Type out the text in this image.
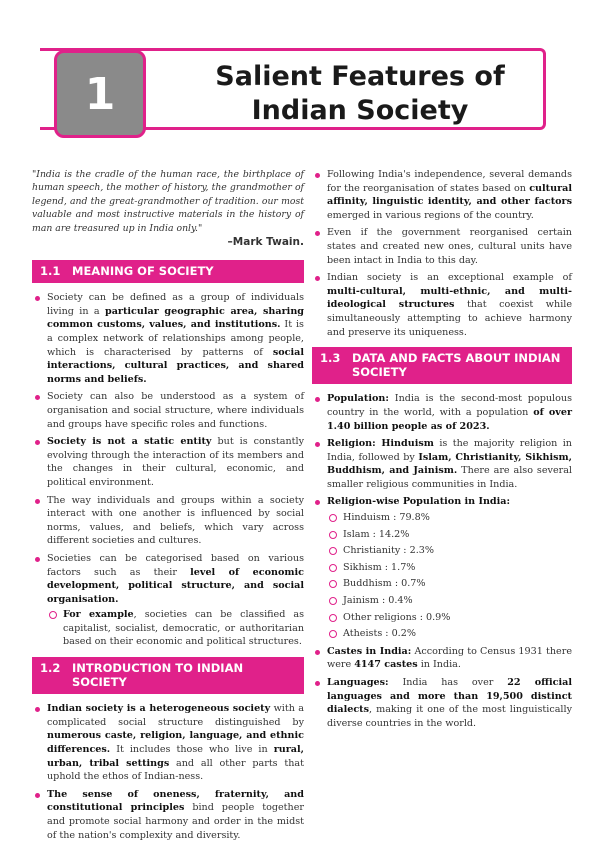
1	Salient Features of
Indian Society

"India is the cradle of the human race, the birthplace of human speech, the mother of history, the grandmother of legend, and the great-grandmother of tradition. our most valuable and most instructive materials in the history of man are treasured up in India only."

–Mark Twain.

1.1	MEANING OF SOCIETY
Society can be defined as a group of individuals living in a particular geographic area, sharing common customs, values, and institutions. It is a complex network of relationships among people, which is characterised by patterns of social interactions, cultural practices, and shared norms and beliefs.
Society can also be understood as a system of organisation and social structure, where individuals and groups have specific roles and functions.
Society is not a static entity but is constantly evolving through the interaction of its members and the changes in their cultural, economic, and political environment.
The way individuals and groups within a society interact with one another is influenced by social norms, values, and beliefs, which vary across different societies and cultures.
Societies can be categorised based on various factors such as their level of economic development, political structure, and social organisation.
For example, societies can be classified as capitalist, socialist, democratic, or authoritarian based on their economic and political structures.
1.2	INTRODUCTION TO INDIAN SOCIETY
Indian society is a heterogeneous society with a complicated social structure distinguished by numerous caste, religion, language, and ethnic differences. It includes those who live in rural, urban, tribal settings and all other parts that uphold the ethos of Indian-ness.
The sense of oneness, fraternity, and constitutional principles bind people together and promote social harmony and order in the midst of the nation's complexity and diversity.
Following India's independence, several demands for the reorganisation of states based on cultural affinity, linguistic identity, and other factors emerged in various regions of the country.
Even if the government reorganised certain states and created new ones, cultural units have been intact in India to this day.
Indian society is an exceptional example of multi-cultural, multi-ethnic, and multi-ideological structures that coexist while simultaneously attempting to achieve harmony and preserve its uniqueness.
1.3	DATA AND FACTS ABOUT INDIAN SOCIETY
Population: India is the second-most populous country in the world, with a population of over 1.40 billion people as of 2023.
Religion: Hinduism is the majority religion in India, followed by Islam, Christianity, Sikhism, Buddhism, and Jainism. There are also several smaller religious communities in India.
Religion-wise Population in India:
Hinduism : 79.8%
Islam : 14.2%
Christianity : 2.3%
Sikhism : 1.7%
Buddhism : 0.7%
Jainism : 0.4%
Other religions : 0.9%
Atheists : 0.2%
Castes in India: According to Census 1931 there were 4147 castes in India.
Languages: India has over 22 official languages and more than 19,500 distinct dialects, making it one of the most linguistically diverse countries in the world.
